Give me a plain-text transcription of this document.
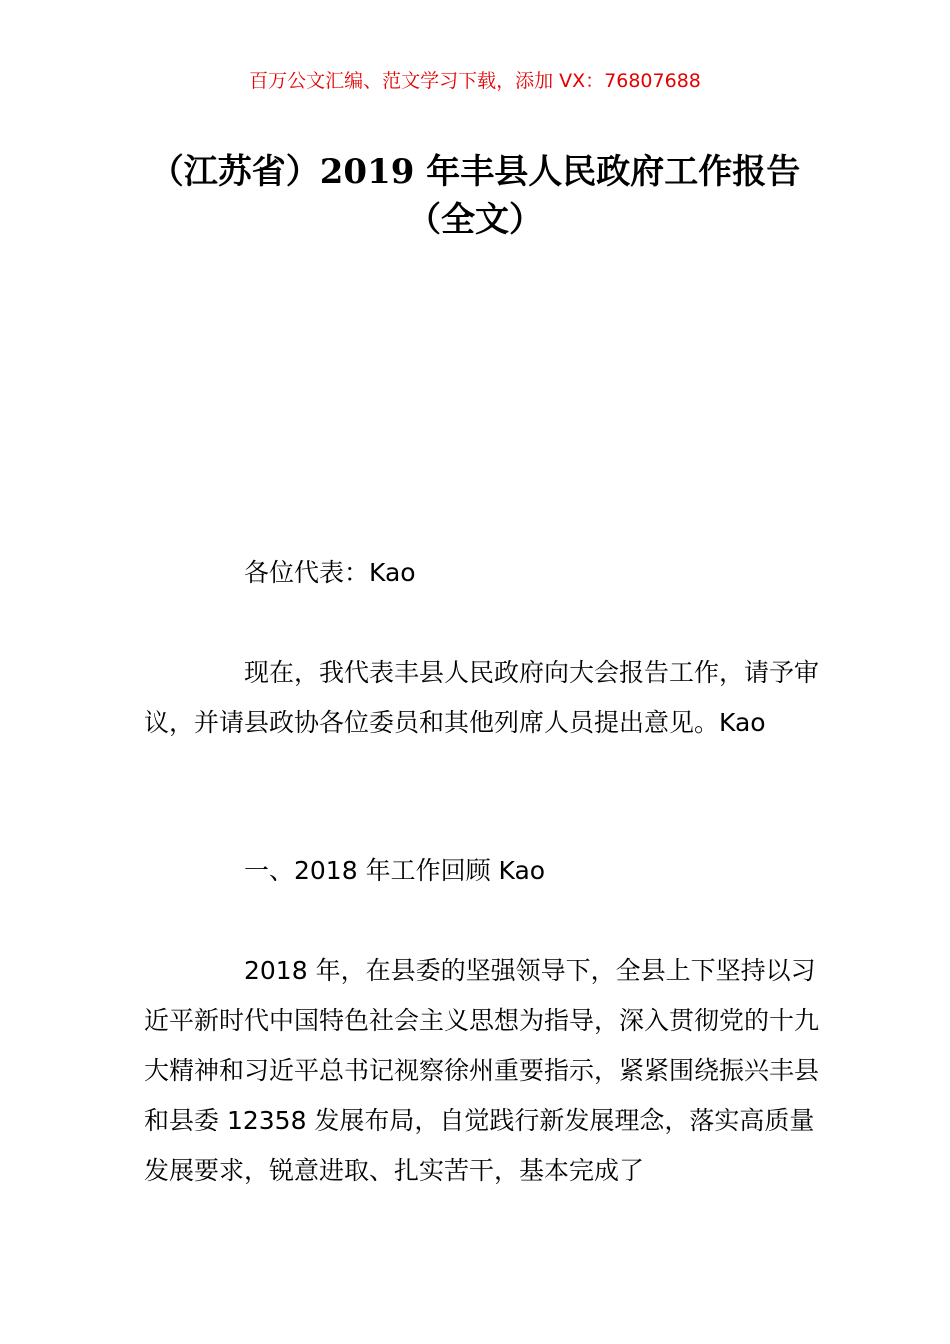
百万公文汇编、范文学习下载，添加 VX：76807688
（江苏省）2019 年丰县人民政府工作报告
（全文）

各位代表：Kao

现在，我代表丰县人民政府向大会报告工作，请予审议，并请县政协各位委员和其他列席人员提出意见。Kao

一、2018 年工作回顾 Kao

2018 年，在县委的坚强领导下，全县上下坚持以习近平新时代中国特色社会主义思想为指导，深入贯彻党的十九大精神和习近平总书记视察徐州重要指示，紧紧围绕振兴丰县和县委 12358 发展布局，自觉践行新发展理念，落实高质量发展要求，锐意进取、扎实苦干，基本完成了
